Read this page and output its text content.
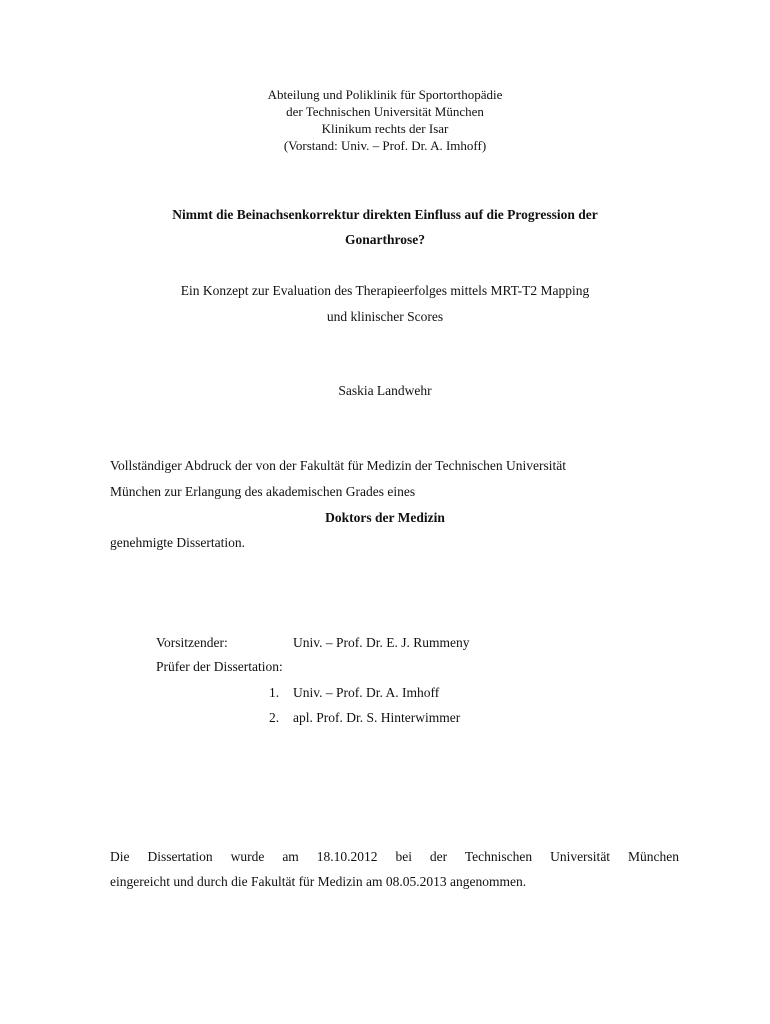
Abteilung und Poliklinik für Sportorthopädie
der Technischen Universität München
Klinikum rechts der Isar
(Vorstand: Univ. – Prof. Dr. A. Imhoff)
Nimmt die Beinachsenkorrektur direkten Einfluss auf die Progression der
Gonarthrose?
Ein Konzept zur Evaluation des Therapieerfolges mittels MRT-T2 Mapping
und klinischer Scores
Saskia Landwehr
Vollständiger Abdruck der von der Fakultät für Medizin der Technischen Universität
München zur Erlangung des akademischen Grades eines
Doktors der Medizin
genehmigte Dissertation.
Vorsitzender:	Univ. – Prof. Dr. E. J. Rummeny
Prüfer der Dissertation:
1. Univ. – Prof. Dr. A. Imhoff
2. apl. Prof. Dr. S. Hinterwimmer
Die Dissertation wurde am 18.10.2012 bei der Technischen Universität München
eingereicht und durch die Fakultät für Medizin am 08.05.2013 angenommen.
